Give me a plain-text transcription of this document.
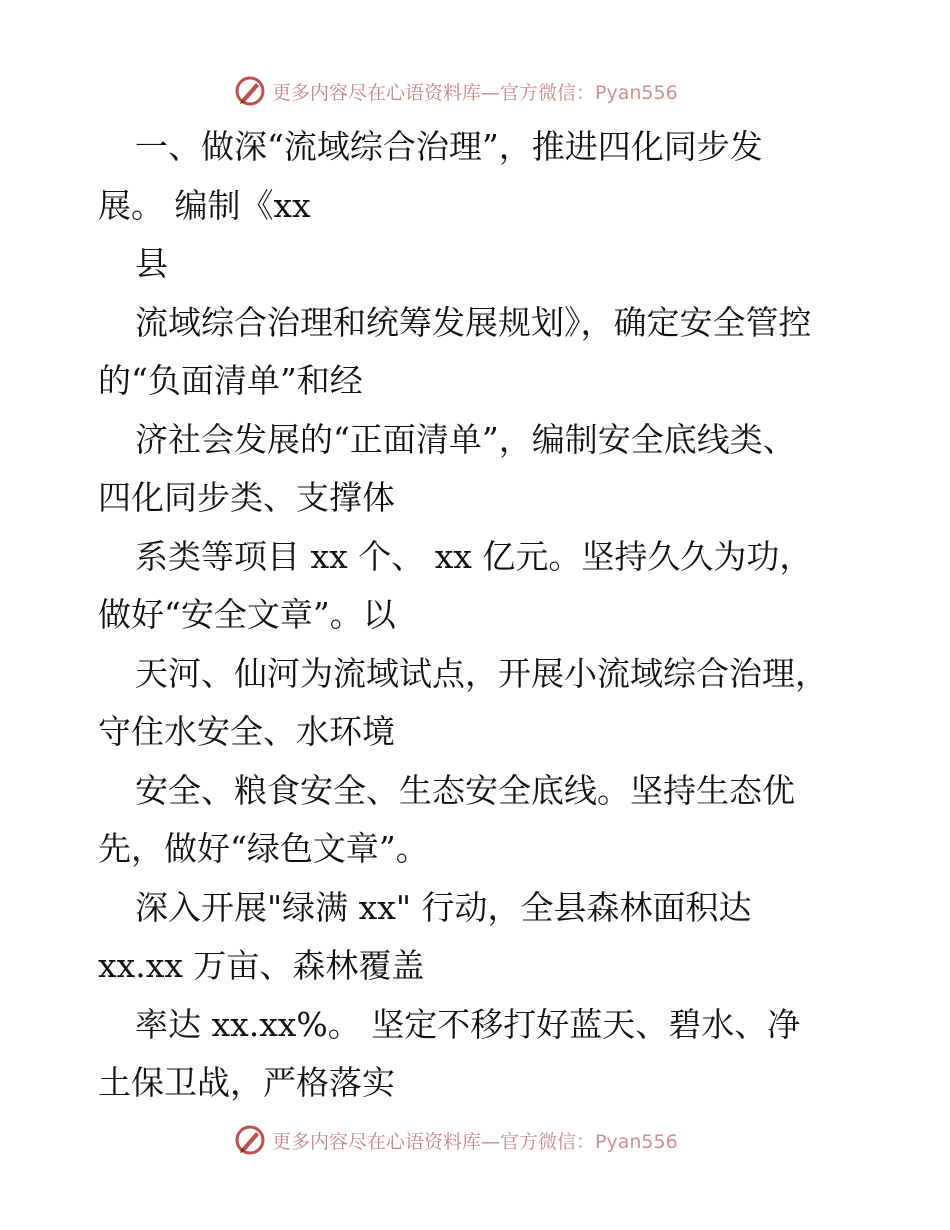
更多内容尽在心语资料库—官方微信：Pyan556
一、做深“流域综合治理”，推进四化同步发
展。 编制《xx
县
流域综合治理和统筹发展规划》，确定安全管控
的“负面清单”和经
济社会发展的“正面清单”，编制安全底线类、
四化同步类、支撑体
系类等项目 xx 个、 xx 亿元。坚持久久为功，
做好“安全文章”。以
天河、仙河为流域试点，开展小流域综合治理，
守住水安全、水环境
安全、粮食安全、生态安全底线。坚持生态优
先，做好“绿色文章”。
深入开展"绿满 xx" 行动，全县森林面积达
xx.xx 万亩、森林覆盖
率达 xx.xx%。 坚定不移打好蓝天、碧水、净
土保卫战，严格落实
更多内容尽在心语资料库—官方微信：Pyan556
